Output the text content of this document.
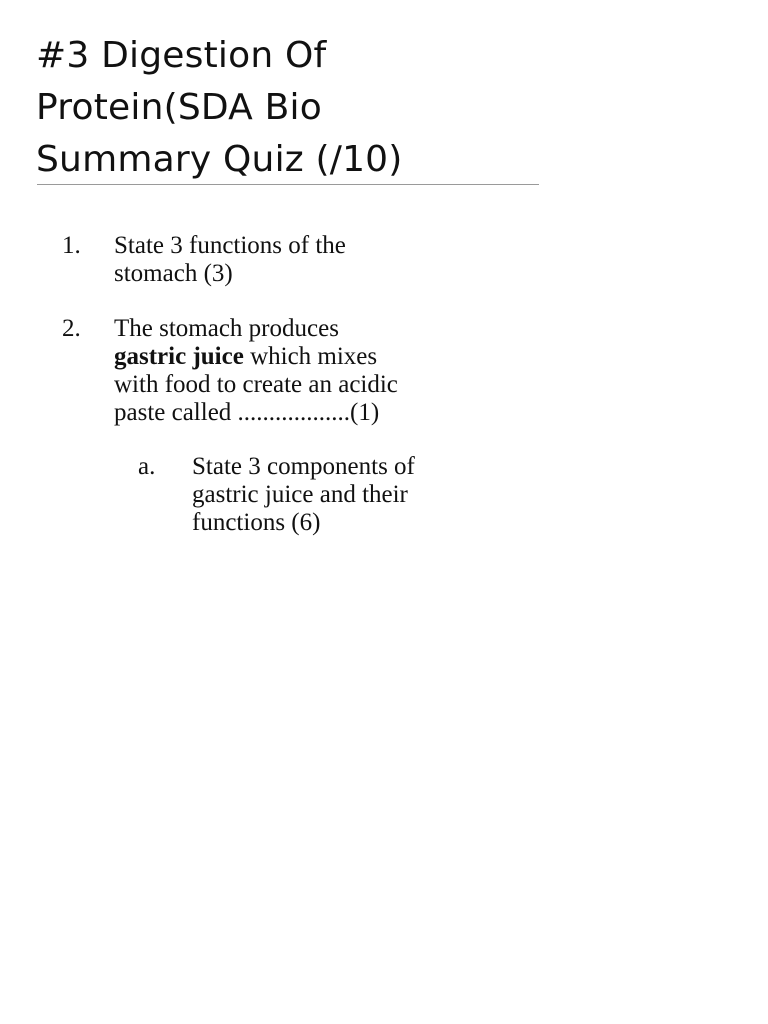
#3 Digestion Of
Protein(SDA Bio
Summary Quiz (/10)
1. State 3 functions of the
stomach (3)
2. The stomach produces
gastric juice which mixes
with food to create an acidic
paste called ..................(1)
a. State 3 components of
gastric juice and their
functions (6)
